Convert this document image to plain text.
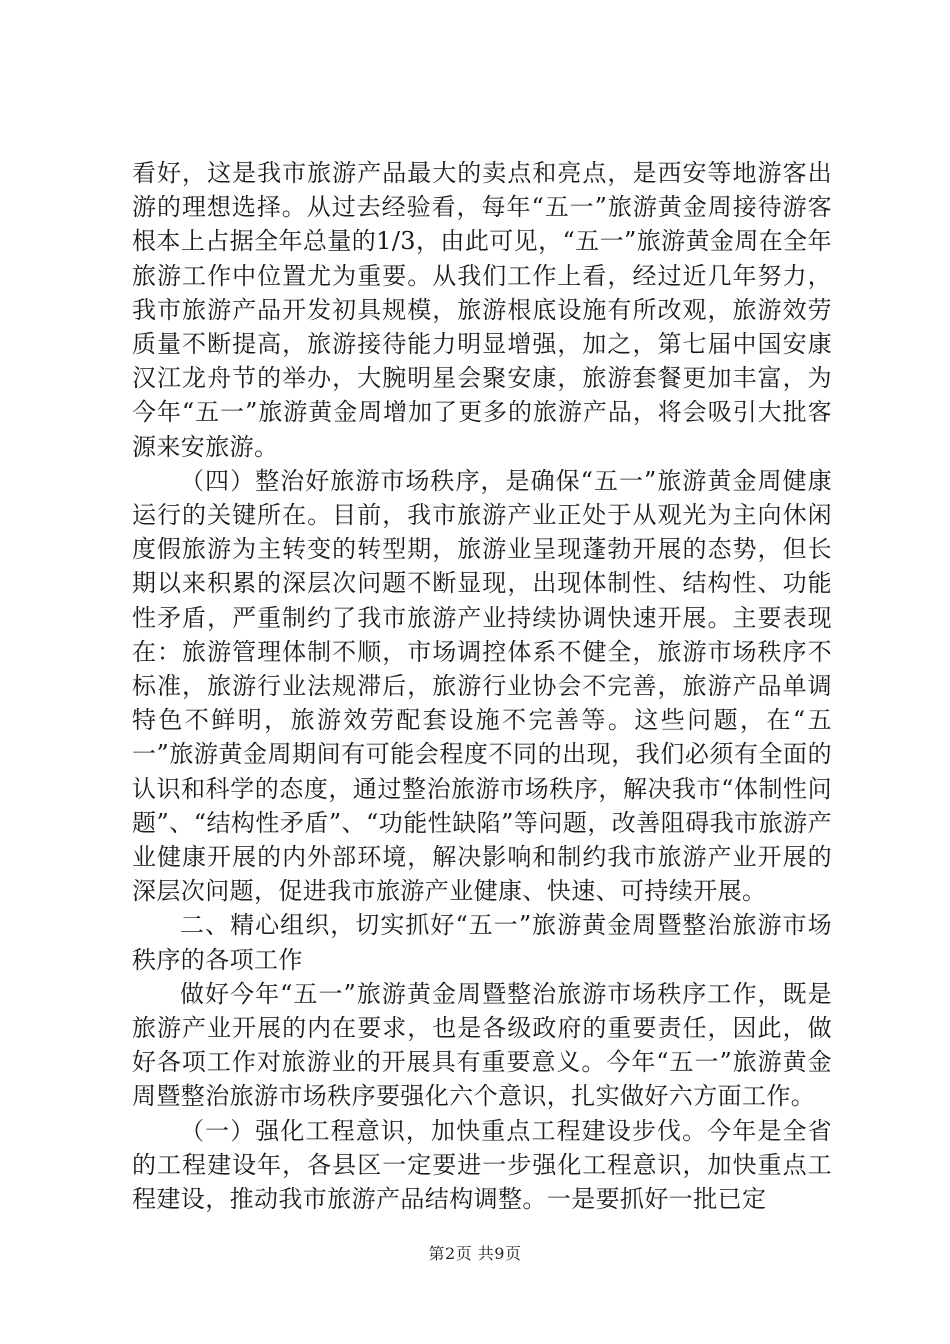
看好，这是我市旅游产品最大的卖点和亮点，是西安等地游客出游的理想选择。从过去经验看，每年“五一”旅游黄金周接待游客根本上占据全年总量的1/3，由此可见，“五一”旅游黄金周在全年旅游工作中位置尤为重要。从我们工作上看，经过近几年努力，我市旅游产品开发初具规模，旅游根底设施有所改观，旅游效劳质量不断提高，旅游接待能力明显增强，加之，第七届中国安康汉江龙舟节的举办，大腕明星会聚安康，旅游套餐更加丰富，为今年“五一”旅游黄金周增加了更多的旅游产品，将会吸引大批客源来安旅游。

（四）整治好旅游市场秩序，是确保“五一”旅游黄金周健康运行的关键所在。目前，我市旅游产业正处于从观光为主向休闲度假旅游为主转变的转型期，旅游业呈现蓬勃开展的态势，但长期以来积累的深层次问题不断显现，出现体制性、结构性、功能性矛盾，严重制约了我市旅游产业持续协调快速开展。主要表现在：旅游管理体制不顺，市场调控体系不健全，旅游市场秩序不标准，旅游行业法规滞后，旅游行业协会不完善，旅游产品单调特色不鲜明，旅游效劳配套设施不完善等。这些问题，在“五一”旅游黄金周期间有可能会程度不同的出现，我们必须有全面的认识和科学的态度，通过整治旅游市场秩序，解决我市“体制性问题”、“结构性矛盾”、“功能性缺陷”等问题，改善阻碍我市旅游产业健康开展的内外部环境，解决影响和制约我市旅游产业开展的深层次问题，促进我市旅游产业健康、快速、可持续开展。

二、精心组织，切实抓好“五一”旅游黄金周暨整治旅游市场秩序的各项工作

做好今年“五一”旅游黄金周暨整治旅游市场秩序工作，既是旅游产业开展的内在要求，也是各级政府的重要责任，因此，做好各项工作对旅游业的开展具有重要意义。今年“五一”旅游黄金周暨整治旅游市场秩序要强化六个意识，扎实做好六方面工作。

（一）强化工程意识，加快重点工程建设步伐。今年是全省的工程建设年，各县区一定要进一步强化工程意识，加快重点工程建设，推动我市旅游产品结构调整。一是要抓好一批已定

第2页 共9页
